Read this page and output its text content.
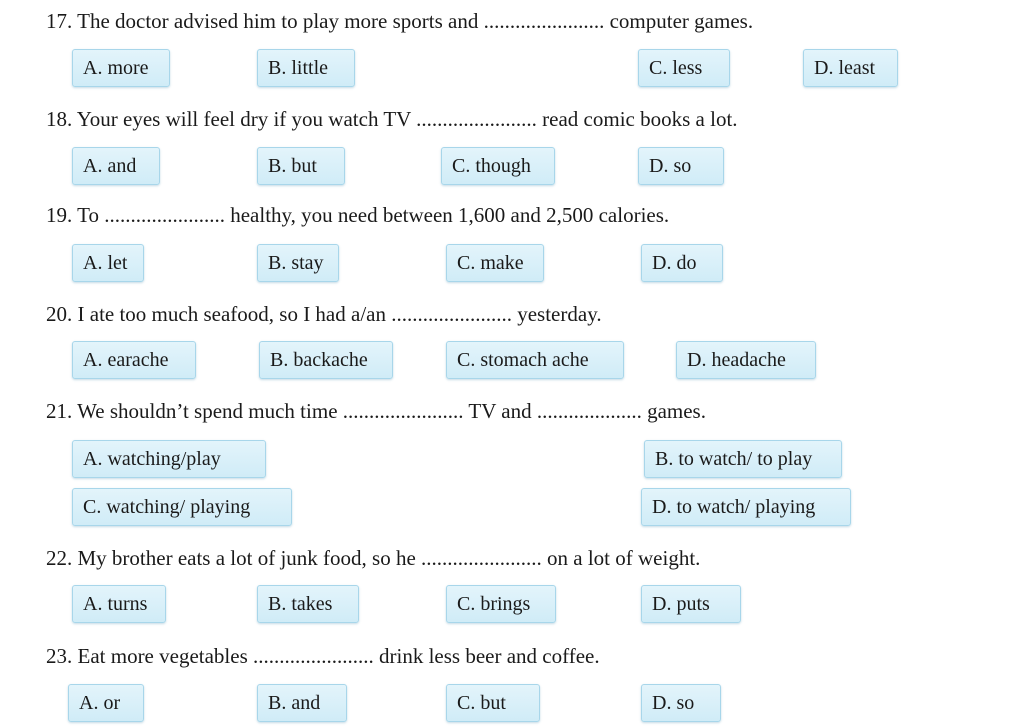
17. The doctor advised him to play more sports and ....................... computer games.
A. more	B. little	C. less	D. least
18. Your eyes will feel dry if you watch TV ....................... read comic books a lot.
A. and	B. but	C. though	D. so
19. To ....................... healthy, you need between 1,600 and 2,500 calories.
A. let	B. stay	C. make	D. do
20. I ate too much seafood, so I had a/an ....................... yesterday.
A. earache	B. backache	C. stomach ache	D. headache
21. We shouldn’t spend much time ....................... TV and .................... games.
A. watching/play	B. to watch/ to play
C. watching/ playing	D. to watch/ playing
22. My brother eats a lot of junk food, so he ....................... on a lot of weight.
A. turns	B. takes	C. brings	D. puts
23. Eat more vegetables ....................... drink less beer and coffee.
A. or	B. and	C. but	D. so
